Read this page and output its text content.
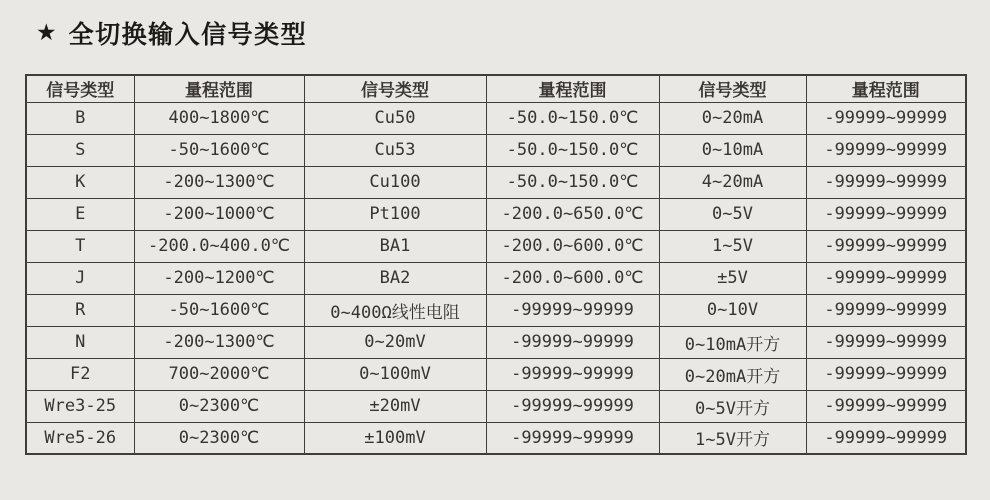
★ 全切换输入信号类型
信号类型	量程范围	信号类型	量程范围	信号类型	量程范围
B	400~1800℃	Cu50	-50.0~150.0℃	0~20mA	-99999~99999
S	-50~1600℃	Cu53	-50.0~150.0℃	0~10mA	-99999~99999
K	-200~1300℃	Cu100	-50.0~150.0℃	4~20mA	-99999~99999
E	-200~1000℃	Pt100	-200.0~650.0℃	0~5V	-99999~99999
T	-200.0~400.0℃	BA1	-200.0~600.0℃	1~5V	-99999~99999
J	-200~1200℃	BA2	-200.0~600.0℃	±5V	-99999~99999
R	-50~1600℃	0~400Ω线性电阻	-99999~99999	0~10V	-99999~99999
N	-200~1300℃	0~20mV	-99999~99999	0~10mA开方	-99999~99999
F2	700~2000℃	0~100mV	-99999~99999	0~20mA开方	-99999~99999
Wre3-25	0~2300℃	±20mV	-99999~99999	0~5V开方	-99999~99999
Wre5-26	0~2300℃	±100mV	-99999~99999	1~5V开方	-99999~99999
